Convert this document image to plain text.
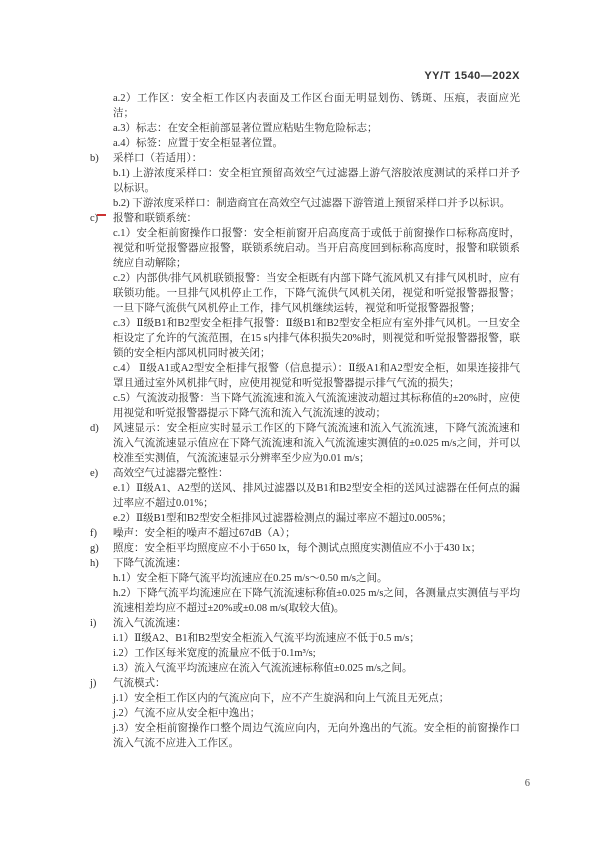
YY/T 1540—202X
a.2）工作区：安全柜工作区内表面及工作区台面无明显划伤、锈斑、压痕，表面应光洁；
a.3）标志：在安全柜前部显著位置应粘贴生物危险标志；
a.4）标签：应置于安全柜显著位置。
b)	采样口（若适用）：
b.1) 上游浓度采样口：安全柜宜预留高效空气过滤器上游气溶胶浓度测试的采样口并予以标识。
b.2) 下游浓度采样口：制造商宜在高效空气过滤器下游管道上预留采样口并予以标识。
c)	报警和联锁系统：
c.1）安全柜前窗操作口报警：安全柜前窗开启高度高于或低于前窗操作口标称高度时，视觉和听觉报警器应报警，联锁系统启动。当开启高度回到标称高度时，报警和联锁系统应自动解除；
c.2）内部供/排气风机联锁报警：当安全柜既有内部下降气流风机又有排气风机时，应有联锁功能。一旦排气风机停止工作，下降气流供气风机关闭，视觉和听觉报警器报警；一旦下降气流供气风机停止工作，排气风机继续运转，视觉和听觉报警器报警；
c.3）Ⅱ级B1和B2型安全柜排气报警：Ⅱ级B1和B2型安全柜应有室外排气风机。一旦安全柜设定了允许的气流范围，在15 s内排气体积损失20%时，则视觉和听觉报警器报警，联锁的安全柜内部风机同时被关闭；
c.4） Ⅱ级A1或A2型安全柜排气报警（信息提示）：Ⅱ级A1和A2型安全柜，如果连接排气罩且通过室外风机排气时，应使用视觉和听觉报警器提示排气气流的损失；
c.5）气流波动报警：当下降气流流速和流入气流流速波动超过其标称值的±20%时，应使用视觉和听觉报警器提示下降气流和流入气流流速的波动；
d)	风速显示：安全柜应实时显示工作区的下降气流流速和流入气流流速，下降气流流速和流入气流流速显示值应在下降气流流速和流入气流流速实测值的±0.025 m/s之间，并可以校准至实测值，气流流速显示分辨率至少应为0.01 m/s；
e)	高效空气过滤器完整性：
e.1）Ⅱ级A1、A2型的送风、排风过滤器以及B1和B2型安全柜的送风过滤器在任何点的漏过率应不超过0.01%；
e.2）Ⅱ级B1型和B2型安全柜排风过滤器检测点的漏过率应不超过0.005%；
f)	噪声：安全柜的噪声不超过67dB（A）；
g)	照度：安全柜平均照度应不小于650 lx，每个测试点照度实测值应不小于430 lx；
h)	下降气流流速：
h.1）安全柜下降气流平均流速应在0.25 m/s～0.50 m/s之间。
h.2）下降气流平均流速应在下降气流流速标称值±0.025 m/s之间，各测量点实测值与平均流速相差均应不超过±20%或±0.08 m/s(取较大值)。
i)	流入气流流速：
i.1）Ⅱ级A2、B1和B2型安全柜流入气流平均流速应不低于0.5 m/s；
i.2）工作区每米宽度的流量应不低于0.1m³/s;
i.3）流入气流平均流速应在流入气流流速标称值±0.025 m/s之间。
j)	气流模式：
j.1）安全柜工作区内的气流应向下，应不产生旋涡和向上气流且无死点；
j.2）气流不应从安全柜中逸出；
j.3）安全柜前窗操作口整个周边气流应向内，无向外逸出的气流。安全柜的前窗操作口流入气流不应进入工作区。
6
